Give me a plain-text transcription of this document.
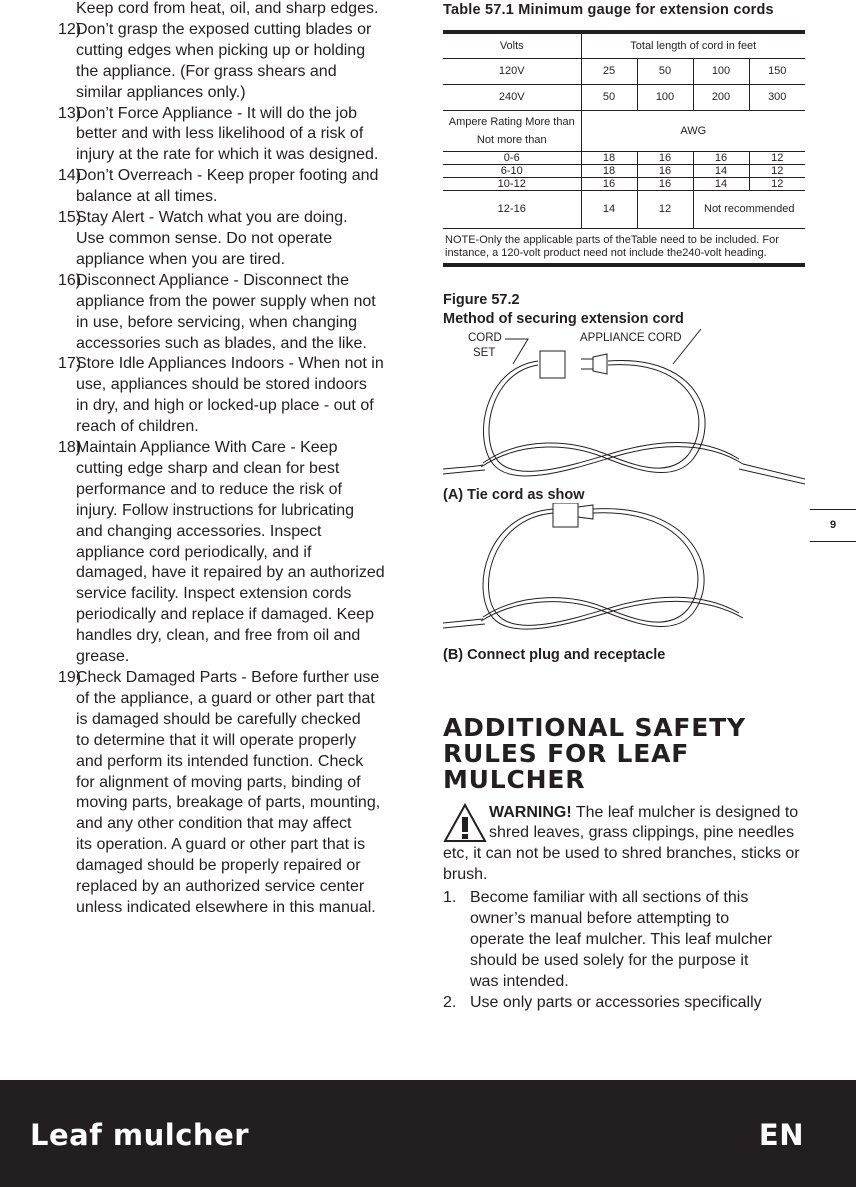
Keep cord from heat, oil, and sharp edges.
12)
Don’t grasp the exposed cutting blades or
cutting edges when picking up or holding
the appliance. (For grass shears and
similar appliances only.)
13)
Don’t Force Appliance - It will do the job
better and with less likelihood of a risk of
injury at the rate for which it was designed.
14)
Don’t Overreach - Keep proper footing and
balance at all times.
15)
Stay Alert - Watch what you are doing.
Use common sense. Do not operate
appliance when you are tired.
16)
Disconnect Appliance - Disconnect the
appliance from the power supply when not
in use, before servicing, when changing
accessories such as blades, and the like.
17)
Store Idle Appliances Indoors - When not in
use, appliances should be stored indoors
in dry, and high or locked-up place - out of
reach of children.
18)
Maintain Appliance With Care - Keep
cutting edge sharp and clean for best
performance and to reduce the risk of
injury. Follow instructions for lubricating
and changing accessories. Inspect
appliance cord periodically, and if
damaged, have it repaired by an authorized
service facility. Inspect extension cords
periodically and replace if damaged. Keep
handles dry, clean, and free from oil and
grease.
19)
Check Damaged Parts - Before further use
of the appliance, a guard or other part that
is damaged should be carefully checked
to determine that it will operate properly
and perform its intended function. Check
for alignment of moving parts, binding of
moving parts, breakage of parts, mounting,
and any other condition that may affect
its operation. A guard or other part that is
damaged should be properly repaired or
replaced by an authorized service center
unless indicated elsewhere in this manual.
Table 57.1 Minimum gauge for extension cords
Volts	Total length of cord in feet			
120V	25	50	100	150
240V	50	100	200	300
Ampere Rating More than Not more than	AWG			
0-6	18	16	16	12
6-10	18	16	14	12
10-12	16	16	14	12
12-16	14	12	Not recommended	
NOTE-Only the applicable parts of theTable need to be included. For instance, a 120-volt product need not include the240-volt heading.				
Figure 57.2
Method of securing extension cord
CORD
SET
APPLIANCE CORD
(A) Tie cord as show
(B) Connect plug and receptacle
ADDITIONAL SAFETY
RULES FOR LEAF MULCHER
WARNING! The leaf mulcher is designed to shred leaves, grass clippings, pine needles etc, it can not be used to shred branches, sticks or brush.
1. Become familiar with all sections of this
owner’s manual before attempting to
operate the leaf mulcher. This leaf mulcher
should be used solely for the purpose it
was intended.
2. Use only parts or accessories specifically
9
Leaf mulcher	EN
